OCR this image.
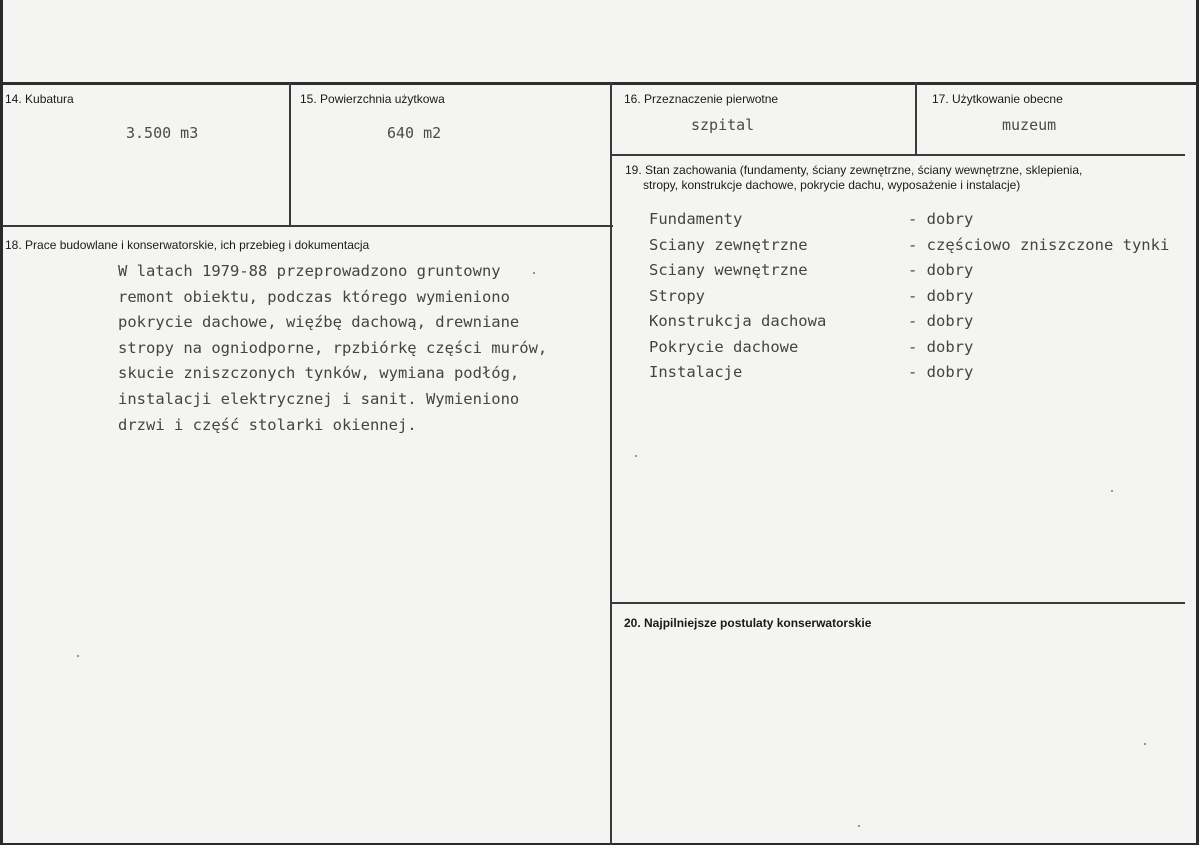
14. Kubatura
3.500 m3
15. Powierzchnia użytkowa
640 m2
16. Przeznaczenie pierwotne
szpital
17. Użytkowanie obecne
muzeum
19. Stan zachowania (fundamenty, ściany zewnętrzne, ściany wewnętrzne, sklepienia,
stropy, konstrukcje dachowe, pokrycie dachu, wyposażenie i instalacje)
Fundamenty	- dobry
Sciany zewnętrzne	- częściowo zniszczone tynki
Sciany wewnętrzne	- dobry
Stropy	- dobry
Konstrukcja dachowa	- dobry
Pokrycie dachowe	- dobry
Instalacje	- dobry
18. Prace budowlane i konserwatorskie, ich przebieg i dokumentacja
W latach 1979-88 przeprowadzono gruntowny
remont obiektu, podczas którego wymieniono
pokrycie dachowe, więźbę dachową, drewniane
stropy na ogniodporne, rpzbiórkę części murów,
skucie zniszczonych tynków, wymiana podłóg,
instalacji elektrycznej i sanit. Wymieniono
drzwi i część stolarki okiennej.
20. Najpilniejsze postulaty konserwatorskie
